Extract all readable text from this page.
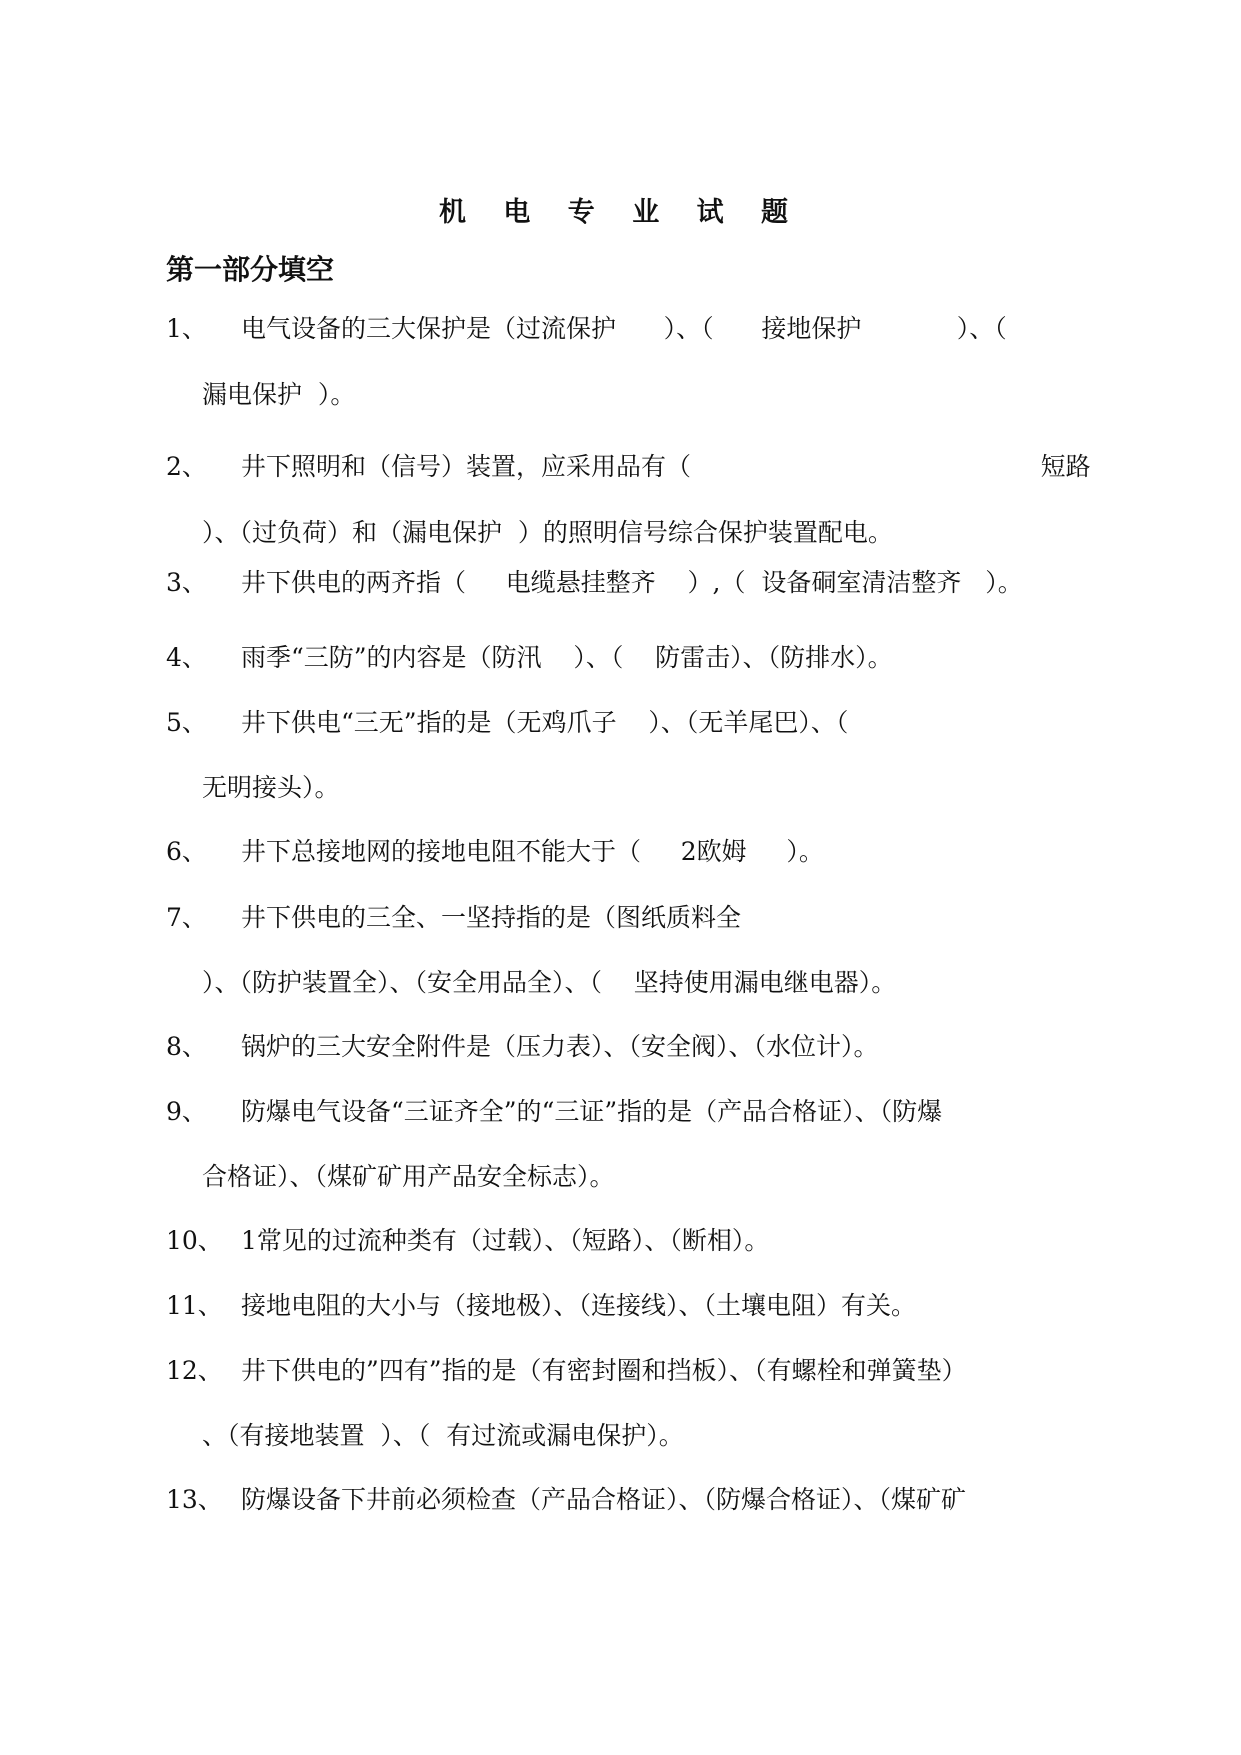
机 电 专 业 试 题
第一部分填空
1、 电气设备的三大保护是（过流保护      ）、（      接地保护            ）、（
漏电保护  ）。
2、 井下照明和（信号）装置，应采用品有（                                            短路
）、（过负荷）和（漏电保护  ）的照明信号综合保护装置配电。
3、 井下供电的两齐指（     电缆悬挂整齐    ）,（  设备硐室清洁整齐   ）。
4、 雨季“三防”的内容是（防汛    ）、（    防雷击）、（防排水）。
5、 井下供电“三无”指的是（无鸡爪子    ）、（无羊尾巴）、（
无明接头）。
6、 井下总接地网的接地电阻不能大于（     2欧姆     ）。
7、 井下供电的三全、一坚持指的是（图纸质料全
）、（防护装置全）、（安全用品全）、（    坚持使用漏电继电器）。
8、 锅炉的三大安全附件是（压力表）、（安全阀）、（水位计）。
9、 防爆电气设备“三证齐全”的“三证”指的是（产品合格证）、（防爆
合格证）、（煤矿矿用产品安全标志）。
10、 1常见的过流种类有（过载）、（短路）、（断相）。
11、 接地电阻的大小与（接地极）、（连接线）、（土壤电阻）有关。
12、 井下供电的”四有”指的是（有密封圈和挡板）、（有螺栓和弹簧垫）
、（有接地装置  ）、（  有过流或漏电保护）。
13、 防爆设备下井前必须检查（产品合格证）、（防爆合格证）、（煤矿矿
